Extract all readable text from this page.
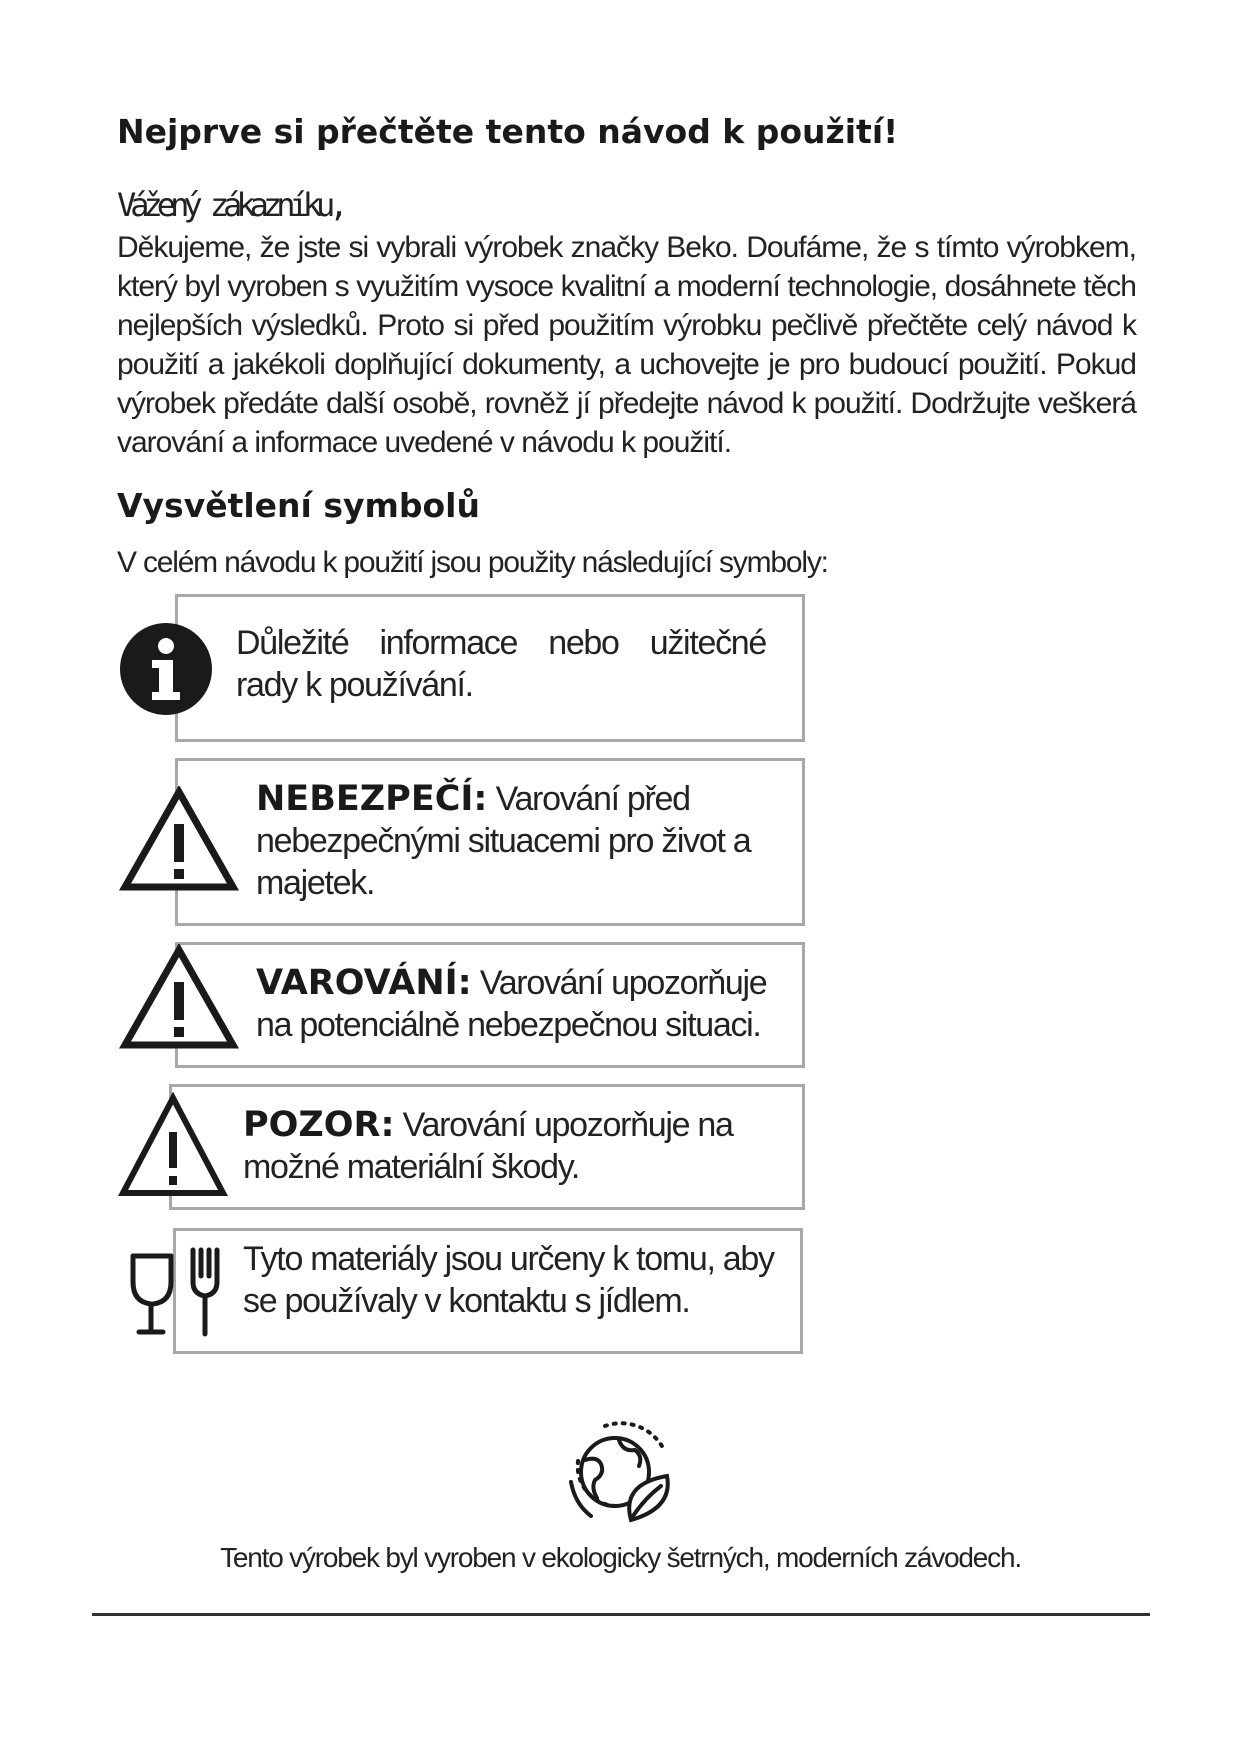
Nejprve si přečtěte tento návod k použití!

Vážený zákazníku,

Děkujeme, že jste si vybrali výrobek značky Beko. Doufáme, že s tímto výrobkem, který byl vyroben s využitím vysoce kvalitní a moderní technologie, dosáhnete těch nejlepších výsledků. Proto si před použitím výrobku pečlivě přečtěte celý návod k použití a jakékoli doplňující dokumenty, a uchovejte je pro budoucí použití. Pokud výrobek předáte další osobě, rovněž jí předejte návod k použití. Dodržujte veškerá varování a informace uvedené v návodu k použití.

Vysvětlení symbolů

V celém návodu k použití jsou použity následující symboly:

Důležité informace nebo užitečné rady k používání.
NEBEZPEČÍ: Varování před nebezpečnými situacemi pro život a majetek.
VAROVÁNÍ: Varování upozorňuje na potenciálně nebezpečnou situaci.
POZOR: Varování upozorňuje na možné materiální škody.
Tyto materiály jsou určeny k tomu, aby se používaly v kontaktu s jídlem.
Tento výrobek byl vyroben v ekologicky šetrných, moderních závodech.
